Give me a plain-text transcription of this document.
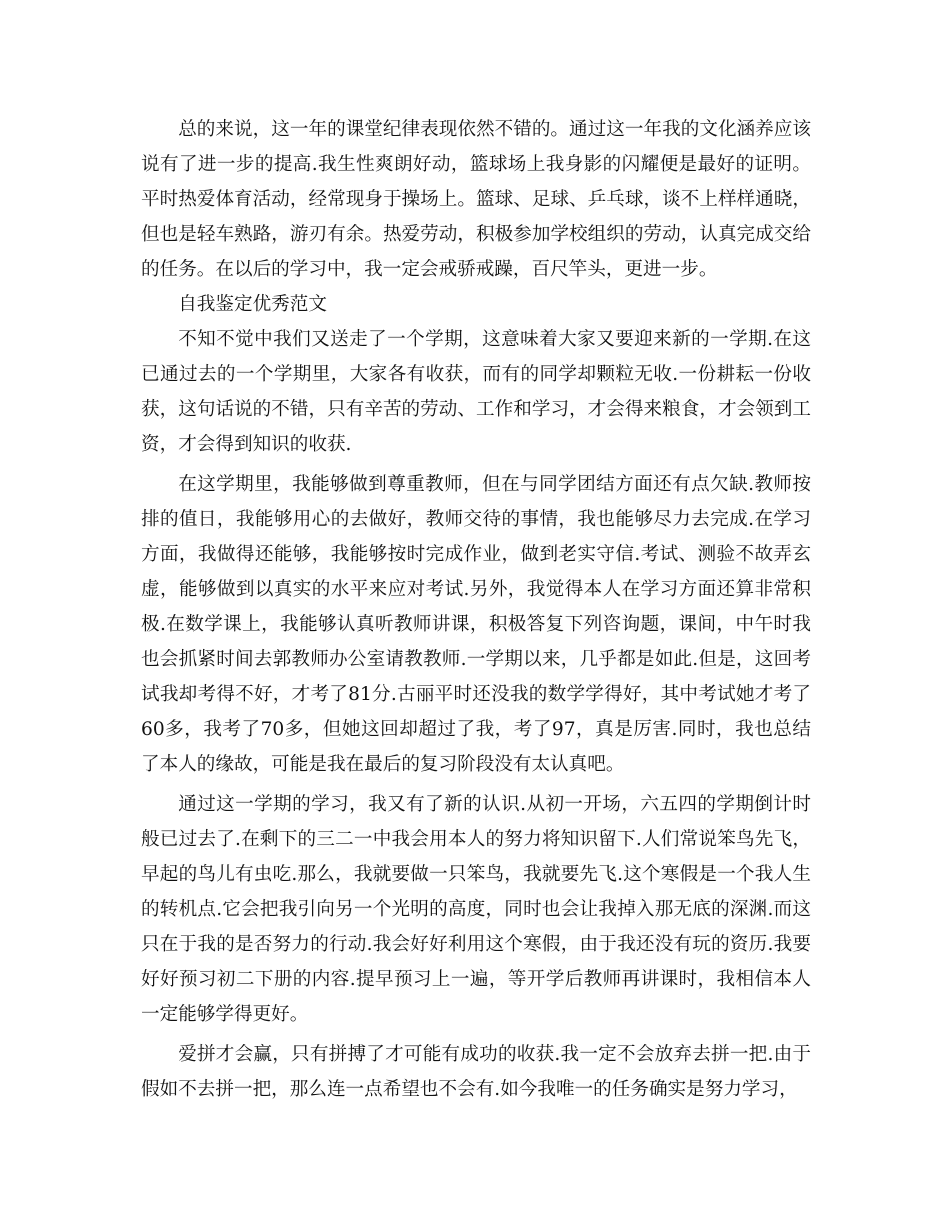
总的来说，这一年的课堂纪律表现依然不错的。通过这一年我的文化涵养应该说有了进一步的提高.我生性爽朗好动，篮球场上我身影的闪耀便是最好的证明。平时热爱体育活动，经常现身于操场上。篮球、足球、乒乓球，谈不上样样通晓，但也是轻车熟路，游刃有余。热爱劳动，积极参加学校组织的劳动，认真完成交给的任务。在以后的学习中，我一定会戒骄戒躁，百尺竿头，更进一步。

自我鉴定优秀范文

不知不觉中我们又送走了一个学期，这意味着大家又要迎来新的一学期.在这已通过去的一个学期里，大家各有收获，而有的同学却颗粒无收.一份耕耘一份收获，这句话说的不错，只有辛苦的劳动、工作和学习，才会得来粮食，才会领到工资，才会得到知识的收获.

在这学期里，我能够做到尊重教师，但在与同学团结方面还有点欠缺.教师按排的值日，我能够用心的去做好，教师交待的事情，我也能够尽力去完成.在学习方面，我做得还能够，我能够按时完成作业，做到老实守信.考试、测验不故弄玄虚，能够做到以真实的水平来应对考试.另外，我觉得本人在学习方面还算非常积极.在数学课上，我能够认真听教师讲课，积极答复下列咨询题，课间，中午时我也会抓紧时间去郭教师办公室请教教师.一学期以来，几乎都是如此.但是，这回考试我却考得不好，才考了81分.古丽平时还没我的数学学得好，其中考试她才考了60多，我考了70多，但她这回却超过了我，考了97，真是厉害.同时，我也总结了本人的缘故，可能是我在最后的复习阶段没有太认真吧。

通过这一学期的学习，我又有了新的认识.从初一开场，六五四的学期倒计时般已过去了.在剩下的三二一中我会用本人的努力将知识留下.人们常说笨鸟先飞，早起的鸟儿有虫吃.那么，我就要做一只笨鸟，我就要先飞.这个寒假是一个我人生的转机点.它会把我引向另一个光明的高度，同时也会让我掉入那无底的深渊.而这只在于我的是否努力的行动.我会好好利用这个寒假，由于我还没有玩的资历.我要好好预习初二下册的内容.提早预习上一遍，等开学后教师再讲课时，我相信本人一定能够学得更好。

爱拼才会赢，只有拼搏了才可能有成功的收获.我一定不会放弃去拼一把.由于假如不去拼一把，那么连一点希望也不会有.如今我唯一的任务确实是努力学习，
